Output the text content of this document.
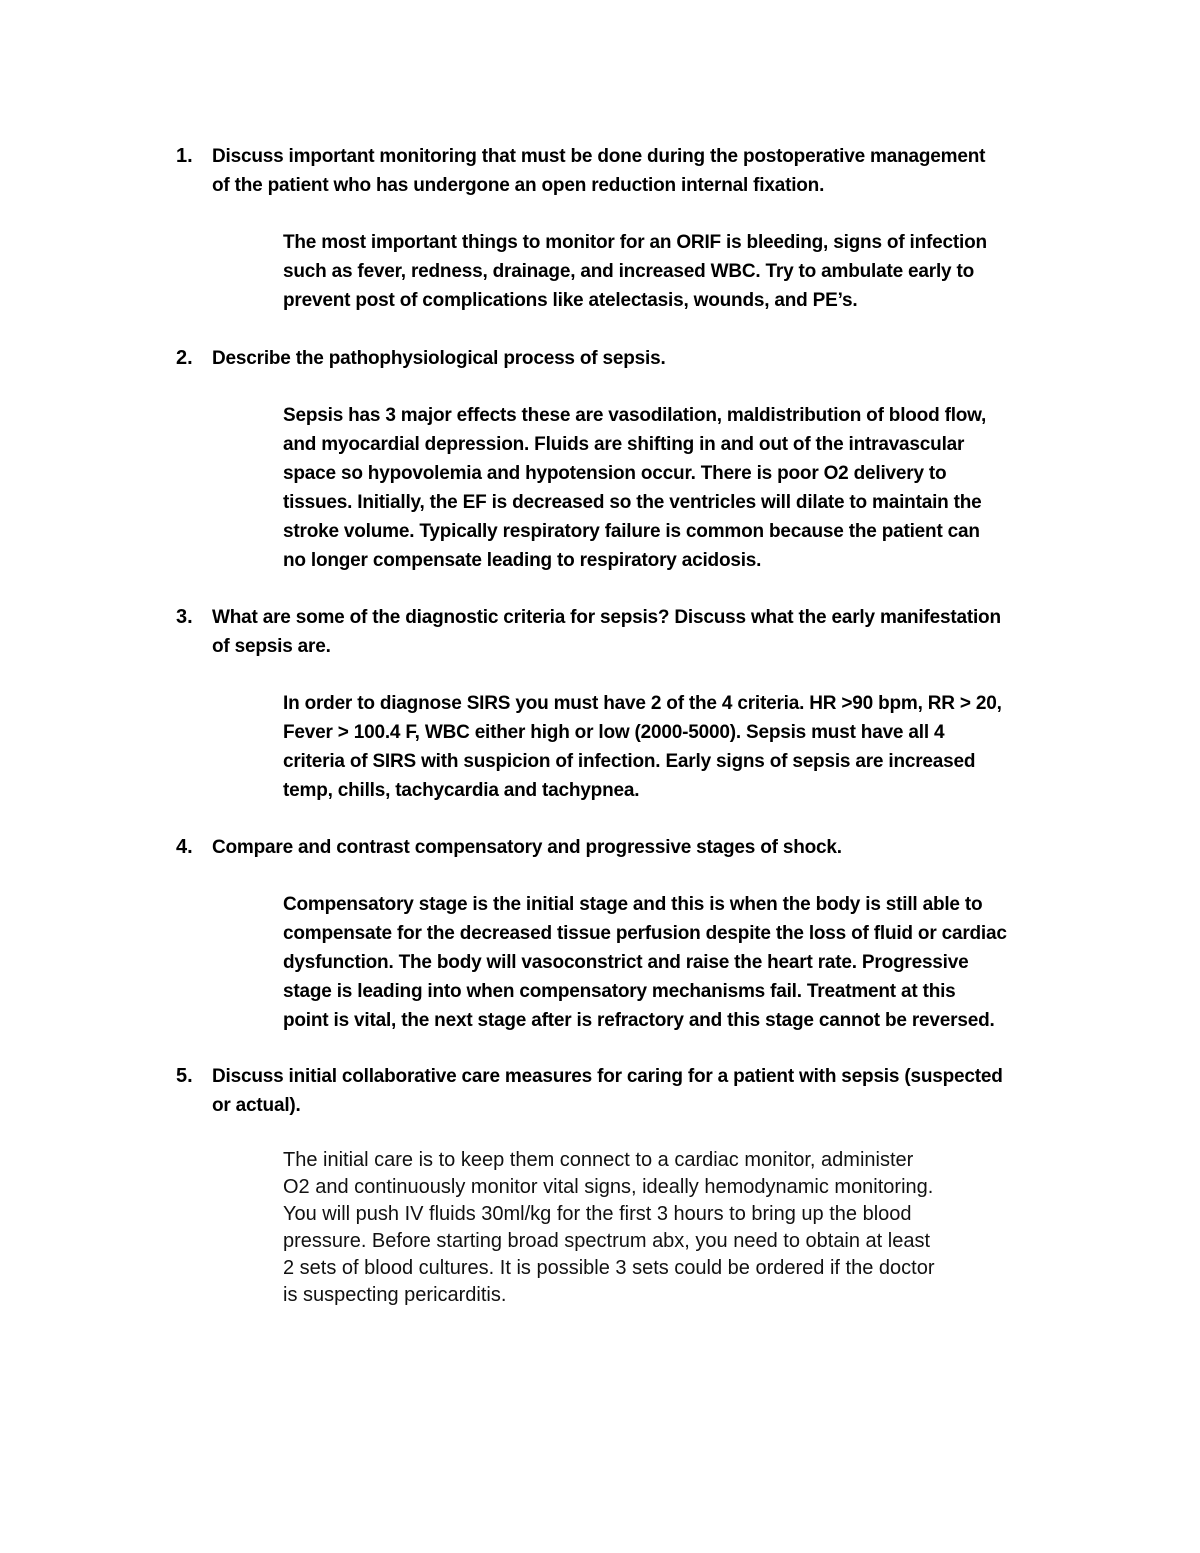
1. Discuss important monitoring that must be done during the postoperative management
of the patient who has undergone an open reduction internal fixation.
The most important things to monitor for an ORIF is bleeding, signs of infection
such as fever, redness, drainage, and increased WBC. Try to ambulate early to
prevent post of complications like atelectasis, wounds, and PE’s.
2. Describe the pathophysiological process of sepsis.
Sepsis has 3 major effects these are vasodilation, maldistribution of blood flow,
and myocardial depression. Fluids are shifting in and out of the intravascular
space so hypovolemia and hypotension occur. There is poor O2 delivery to
tissues. Initially, the EF is decreased so the ventricles will dilate to maintain the
stroke volume. Typically respiratory failure is common because the patient can
no longer compensate leading to respiratory acidosis.
3. What are some of the diagnostic criteria for sepsis? Discuss what the early manifestation
of sepsis are.
In order to diagnose SIRS you must have 2 of the 4 criteria. HR >90 bpm, RR > 20,
Fever > 100.4 F, WBC either high or low (2000-5000). Sepsis must have all 4
criteria of SIRS with suspicion of infection. Early signs of sepsis are increased
temp, chills, tachycardia and tachypnea.
4. Compare and contrast compensatory and progressive stages of shock.
Compensatory stage is the initial stage and this is when the body is still able to
compensate for the decreased tissue perfusion despite the loss of fluid or cardiac
dysfunction. The body will vasoconstrict and raise the heart rate. Progressive
stage is leading into when compensatory mechanisms fail. Treatment at this
point is vital, the next stage after is refractory and this stage cannot be reversed.
5. Discuss initial collaborative care measures for caring for a patient with sepsis (suspected
or actual).
The initial care is to keep them connect to a cardiac monitor, administer
O2 and continuously monitor vital signs, ideally hemodynamic monitoring.
You will push IV fluids 30ml/kg for the first 3 hours to bring up the blood
pressure. Before starting broad spectrum abx, you need to obtain at least
2 sets of blood cultures. It is possible 3 sets could be ordered if the doctor
is suspecting pericarditis.
